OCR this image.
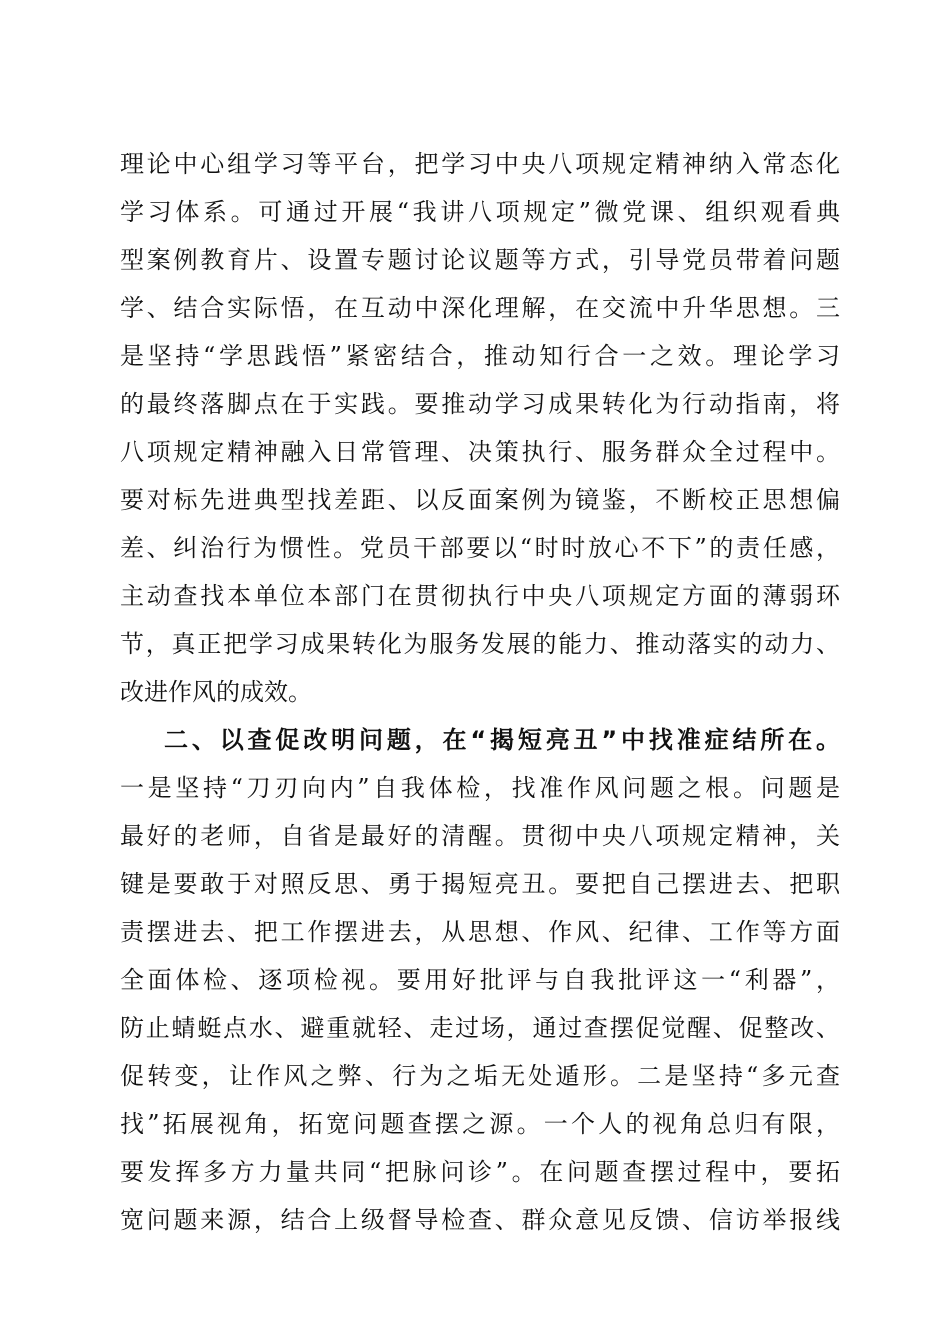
理论中心组学习等平台，把学习中央八项规定精神纳入常态化
学习体系。可通过开展“我讲八项规定”微党课、组织观看典
型案例教育片、设置专题讨论议题等方式，引导党员带着问题
学、结合实际悟，在互动中深化理解，在交流中升华思想。三
是坚持“学思践悟”紧密结合，推动知行合一之效。理论学习
的最终落脚点在于实践。要推动学习成果转化为行动指南，将
八项规定精神融入日常管理、决策执行、服务群众全过程中。
要对标先进典型找差距、以反面案例为镜鉴，不断校正思想偏
差、纠治行为惯性。党员干部要以“时时放心不下”的责任感，
主动查找本单位本部门在贯彻执行中央八项规定方面的薄弱环
节，真正把学习成果转化为服务发展的能力、推动落实的动力、
改进作风的成效。
二、以查促改明问题，在“揭短亮丑”中找准症结所在。
一是坚持“刀刃向内”自我体检，找准作风问题之根。问题是
最好的老师，自省是最好的清醒。贯彻中央八项规定精神，关
键是要敢于对照反思、勇于揭短亮丑。要把自己摆进去、把职
责摆进去、把工作摆进去，从思想、作风、纪律、工作等方面
全面体检、逐项检视。要用好批评与自我批评这一“利器”，
防止蜻蜓点水、避重就轻、走过场，通过查摆促觉醒、促整改、
促转变，让作风之弊、行为之垢无处遁形。二是坚持“多元查
找”拓展视角，拓宽问题查摆之源。一个人的视角总归有限，
要发挥多方力量共同“把脉问诊”。在问题查摆过程中，要拓
宽问题来源，结合上级督导检查、群众意见反馈、信访举报线
